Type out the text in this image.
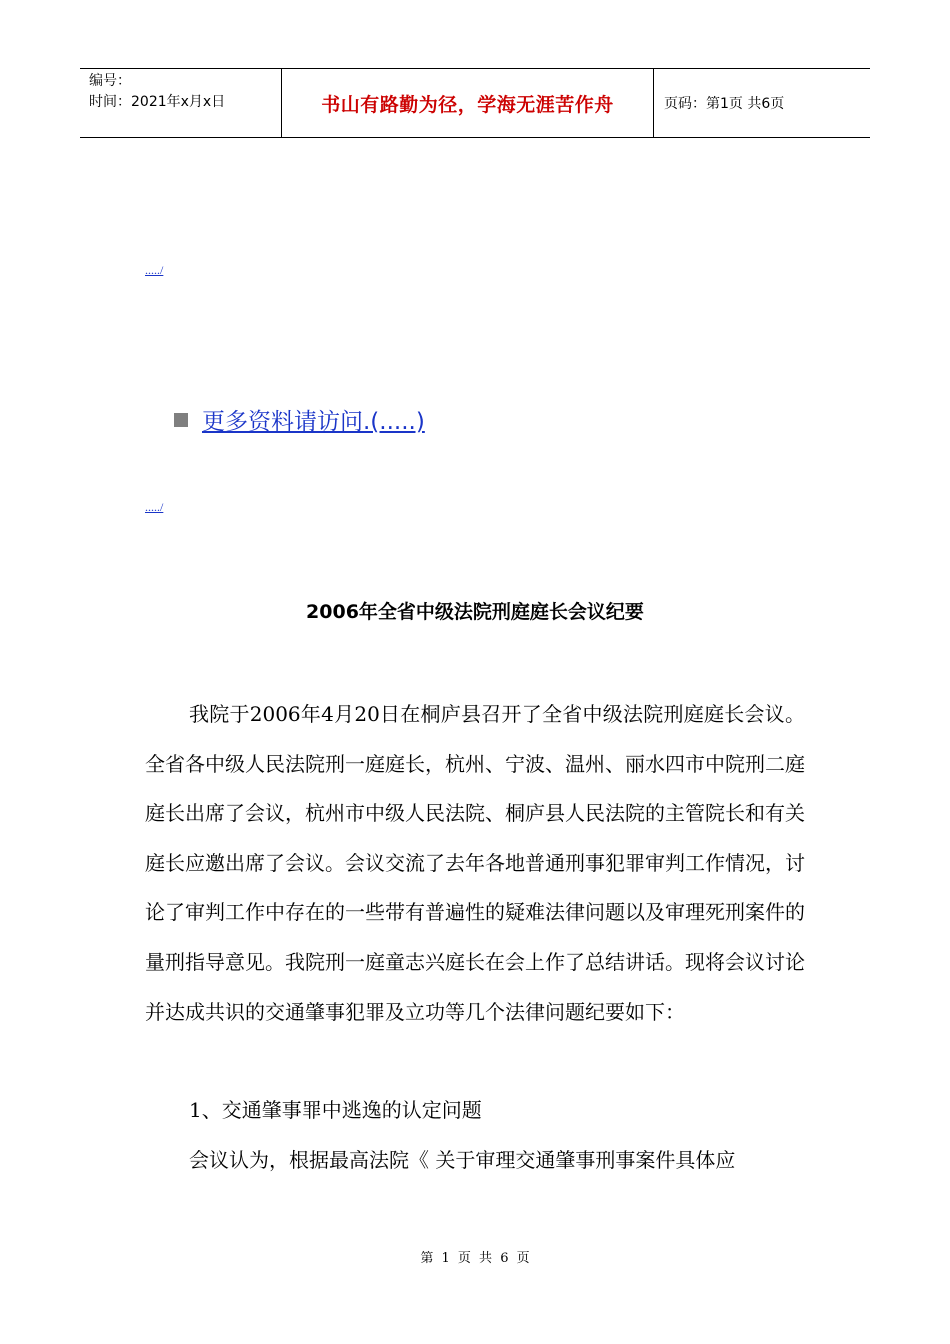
编号：
时间：2021年x月x日	书山有路勤为径，学海无涯苦作舟	页码：第1页 共6页
...../
更多资料请访问.(.....)
...../
2006年全省中级法院刑庭庭长会议纪要
我院于2006年4月20日在桐庐县召开了全省中级法院刑庭庭长会议。全省各中级人民法院刑一庭庭长，杭州、宁波、温州、丽水四市中院刑二庭庭长出席了会议，杭州市中级人民法院、桐庐县人民法院的主管院长和有关庭长应邀出席了会议。会议交流了去年各地普通刑事犯罪审判工作情况，讨论了审判工作中存在的一些带有普遍性的疑难法律问题以及审理死刑案件的量刑指导意见。我院刑一庭童志兴庭长在会上作了总结讲话。现将会议讨论并达成共识的交通肇事犯罪及立功等几个法律问题纪要如下：
1、交通肇事罪中逃逸的认定问题
会议认为，根据最高法院《 关于审理交通肇事刑事案件具体应
第 1 页 共 6 页
